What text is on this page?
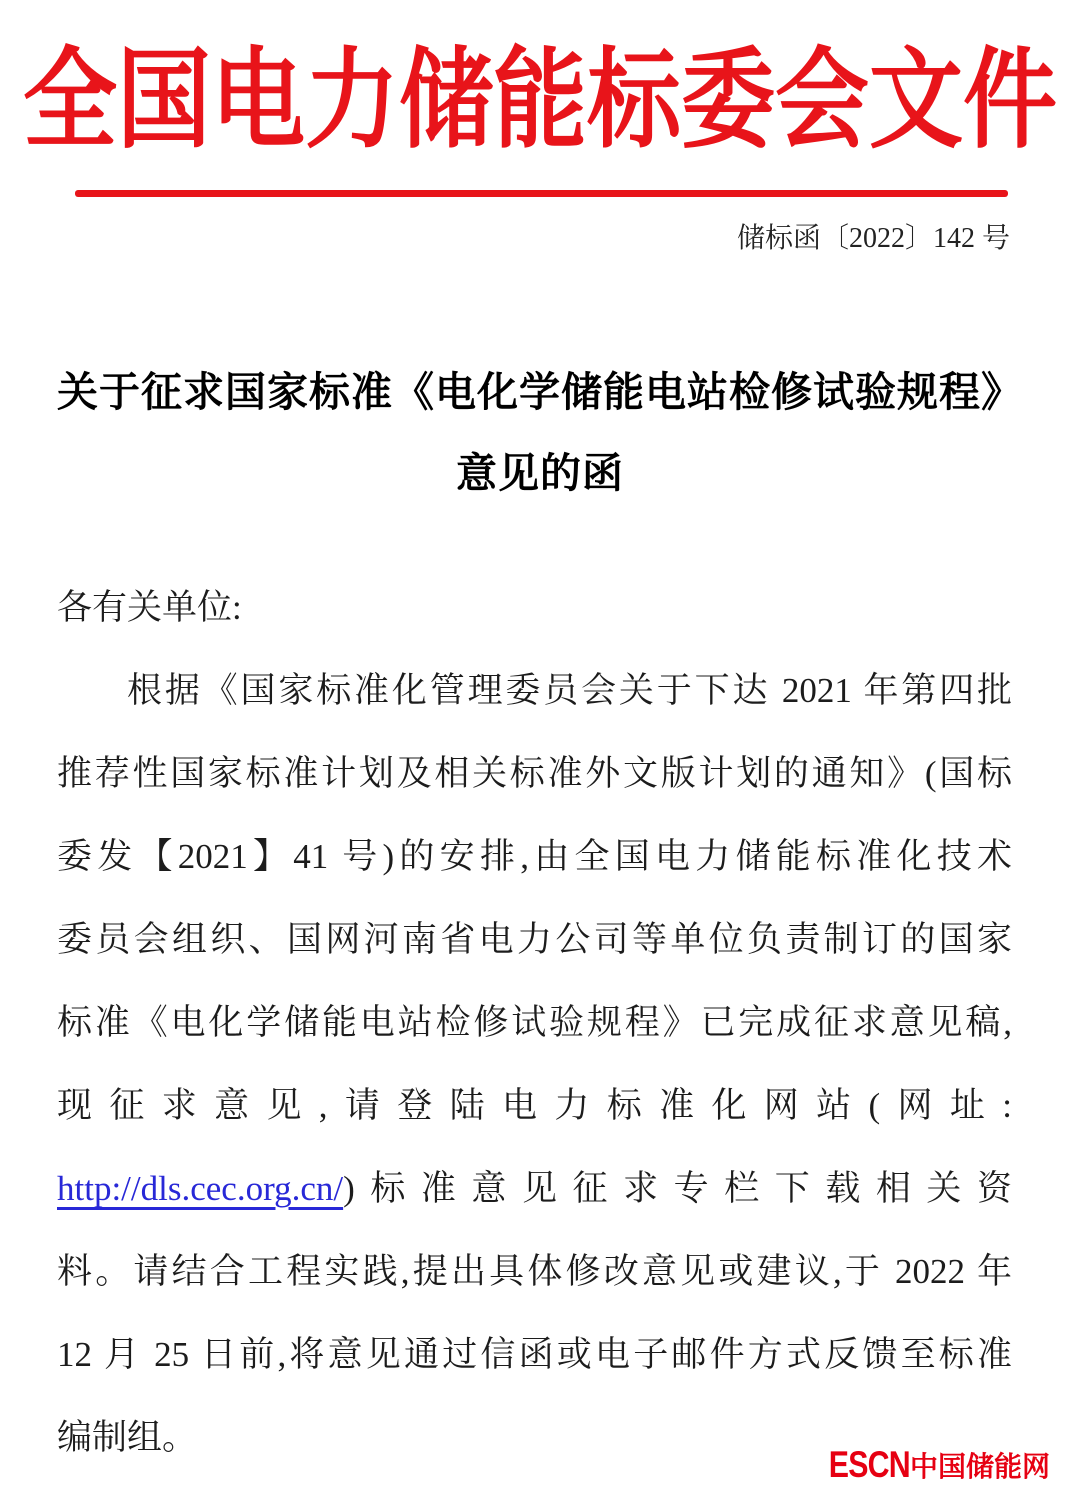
全国电力储能标委会文件
储标函〔2022〕142 号
关于征求国家标准《电化学储能电站检修试验规程》
意见的函
各有关单位:
根据《国家标准化管理委员会关于下达 2021 年第四批
推荐性国家标准计划及相关标准外文版计划的通知》(国标
委发【2021】41 号)的安排,由全国电力储能标准化技术
委员会组织、国网河南省电力公司等单位负责制订的国家
标准《电化学储能电站检修试验规程》已完成征求意见稿,
现征求意见,请登陆电力标准化网站(网址:
http://dls.cec.org.cn/)标准意见征求专栏下载相关资
料。请结合工程实践,提出具体修改意见或建议,于 2022 年
12 月 25 日前,将意见通过信函或电子邮件方式反馈至标准
编制组。
ESCN 中国储能网
